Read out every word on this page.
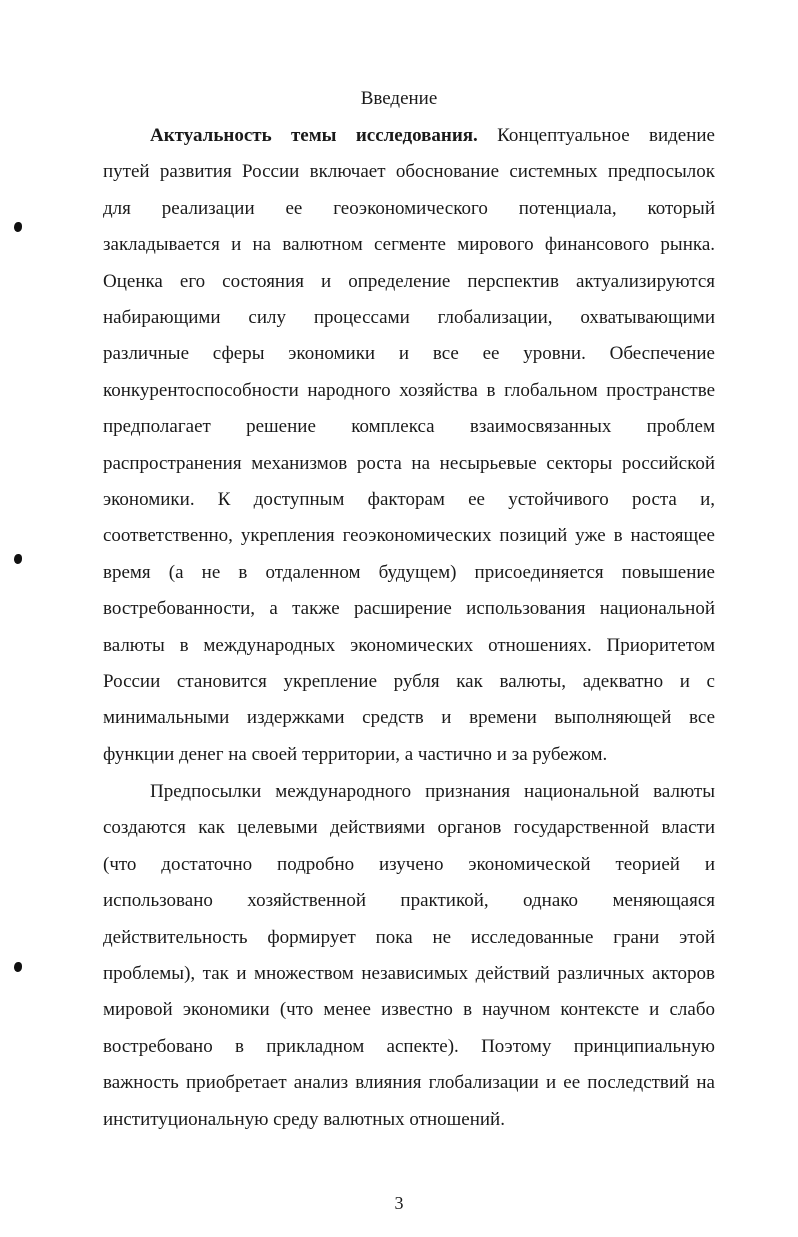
Введение
Актуальность темы исследования. Концептуальное видение
путей развития России включает обоснование системных предпосылок
для реализации ее геоэкономического потенциала, который
закладывается и на валютном сегменте мирового финансового рынка.
Оценка его состояния и определение перспектив актуализируются
набирающими силу процессами глобализации, охватывающими
различные сферы экономики и все ее уровни. Обеспечение
конкурентоспособности народного хозяйства в глобальном пространстве
предполагает решение комплекса взаимосвязанных проблем
распространения механизмов роста на несырьевые секторы российской
экономики. К доступным факторам ее устойчивого роста и,
соответственно, укрепления геоэкономических позиций уже в настоящее
время (а не в отдаленном будущем) присоединяется повышение
востребованности, а также расширение использования национальной
валюты в международных экономических отношениях. Приоритетом
России становится укрепление рубля как валюты, адекватно и с
минимальными издержками средств и времени выполняющей все
функции денег на своей территории, а частично и за рубежом.
Предпосылки международного признания национальной валюты
создаются как целевыми действиями органов государственной власти
(что достаточно подробно изучено экономической теорией и
использовано хозяйственной практикой, однако меняющаяся
действительность формирует пока не исследованные грани этой
проблемы), так и множеством независимых действий различных акторов
мировой экономики (что менее известно в научном контексте и слабо
востребовано в прикладном аспекте). Поэтому принципиальную
важность приобретает анализ влияния глобализации и ее последствий на
институциональную среду валютных отношений.
3
